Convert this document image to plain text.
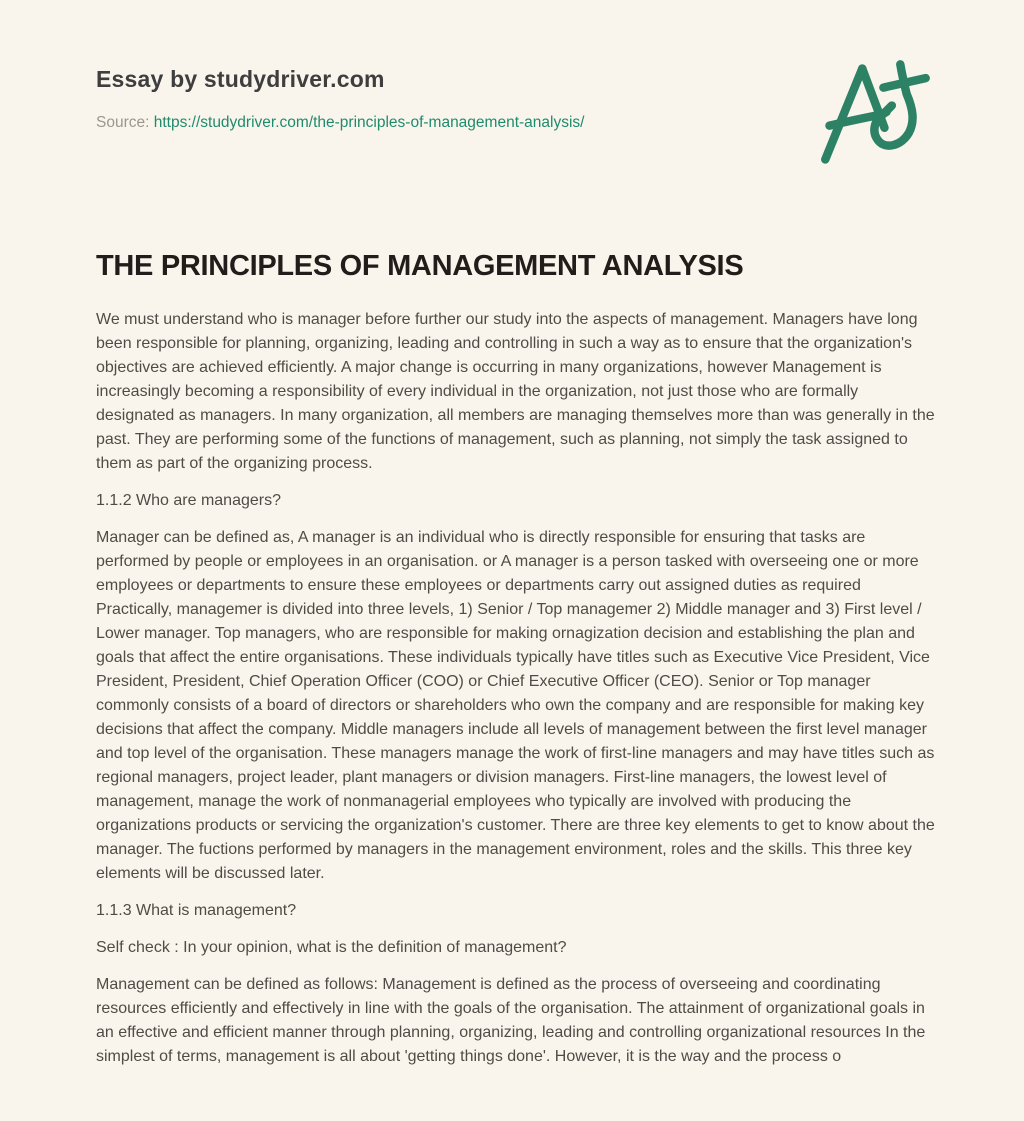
Essay by studydriver.com
Source: https://studydriver.com/the-principles-of-management-analysis/
THE PRINCIPLES OF MANAGEMENT ANALYSIS

We must understand who is manager before further our study into the aspects of management. Managers have long been responsible for planning, organizing, leading and controlling in such a way as to ensure that the organization's objectives are achieved efficiently. A major change is occurring in many organizations, however Management is increasingly becoming a responsibility of every individual in the organization, not just those who are formally designated as managers. In many organization, all members are managing themselves more than was generally in the past. They are performing some of the functions of management, such as planning, not simply the task assigned to them as part of the organizing process.

1.1.2 Who are managers?

Manager can be defined as, A manager is an individual who is directly responsible for ensuring that tasks are performed by people or employees in an organisation. or A manager is a person tasked with overseeing one or more employees or departments to ensure these employees or departments carry out assigned duties as required Practically, managemer is divided into three levels, 1) Senior / Top managemer 2) Middle manager and 3) First level / Lower manager. Top managers, who are responsible for making ornagization decision and establishing the plan and goals that affect the entire organisations. These individuals typically have titles such as Executive Vice President, Vice President, President, Chief Operation Officer (COO) or Chief Executive Officer (CEO). Senior or Top manager commonly consists of a board of directors or shareholders who own the company and are responsible for making key decisions that affect the company. Middle managers include all levels of management between the first level manager and top level of the organisation. These managers manage the work of first-line managers and may have titles such as regional managers, project leader, plant managers or division managers. First-line managers, the lowest level of management, manage the work of nonmanagerial employees who typically are involved with producing the organizations products or servicing the organization's customer. There are three key elements to get to know about the manager. The fuctions performed by managers in the management environment, roles and the skills. This three key elements will be discussed later.

1.1.3 What is management?

Self check : In your opinion, what is the definition of management?

Management can be defined as follows: Management is defined as the process of overseeing and coordinating resources efficiently and effectively in line with the goals of the organisation. The attainment of organizational goals in an effective and efficient manner through planning, organizing, leading and controlling organizational resources In the simplest of terms, management is all about 'getting things done'. However, it is the way and the process o
